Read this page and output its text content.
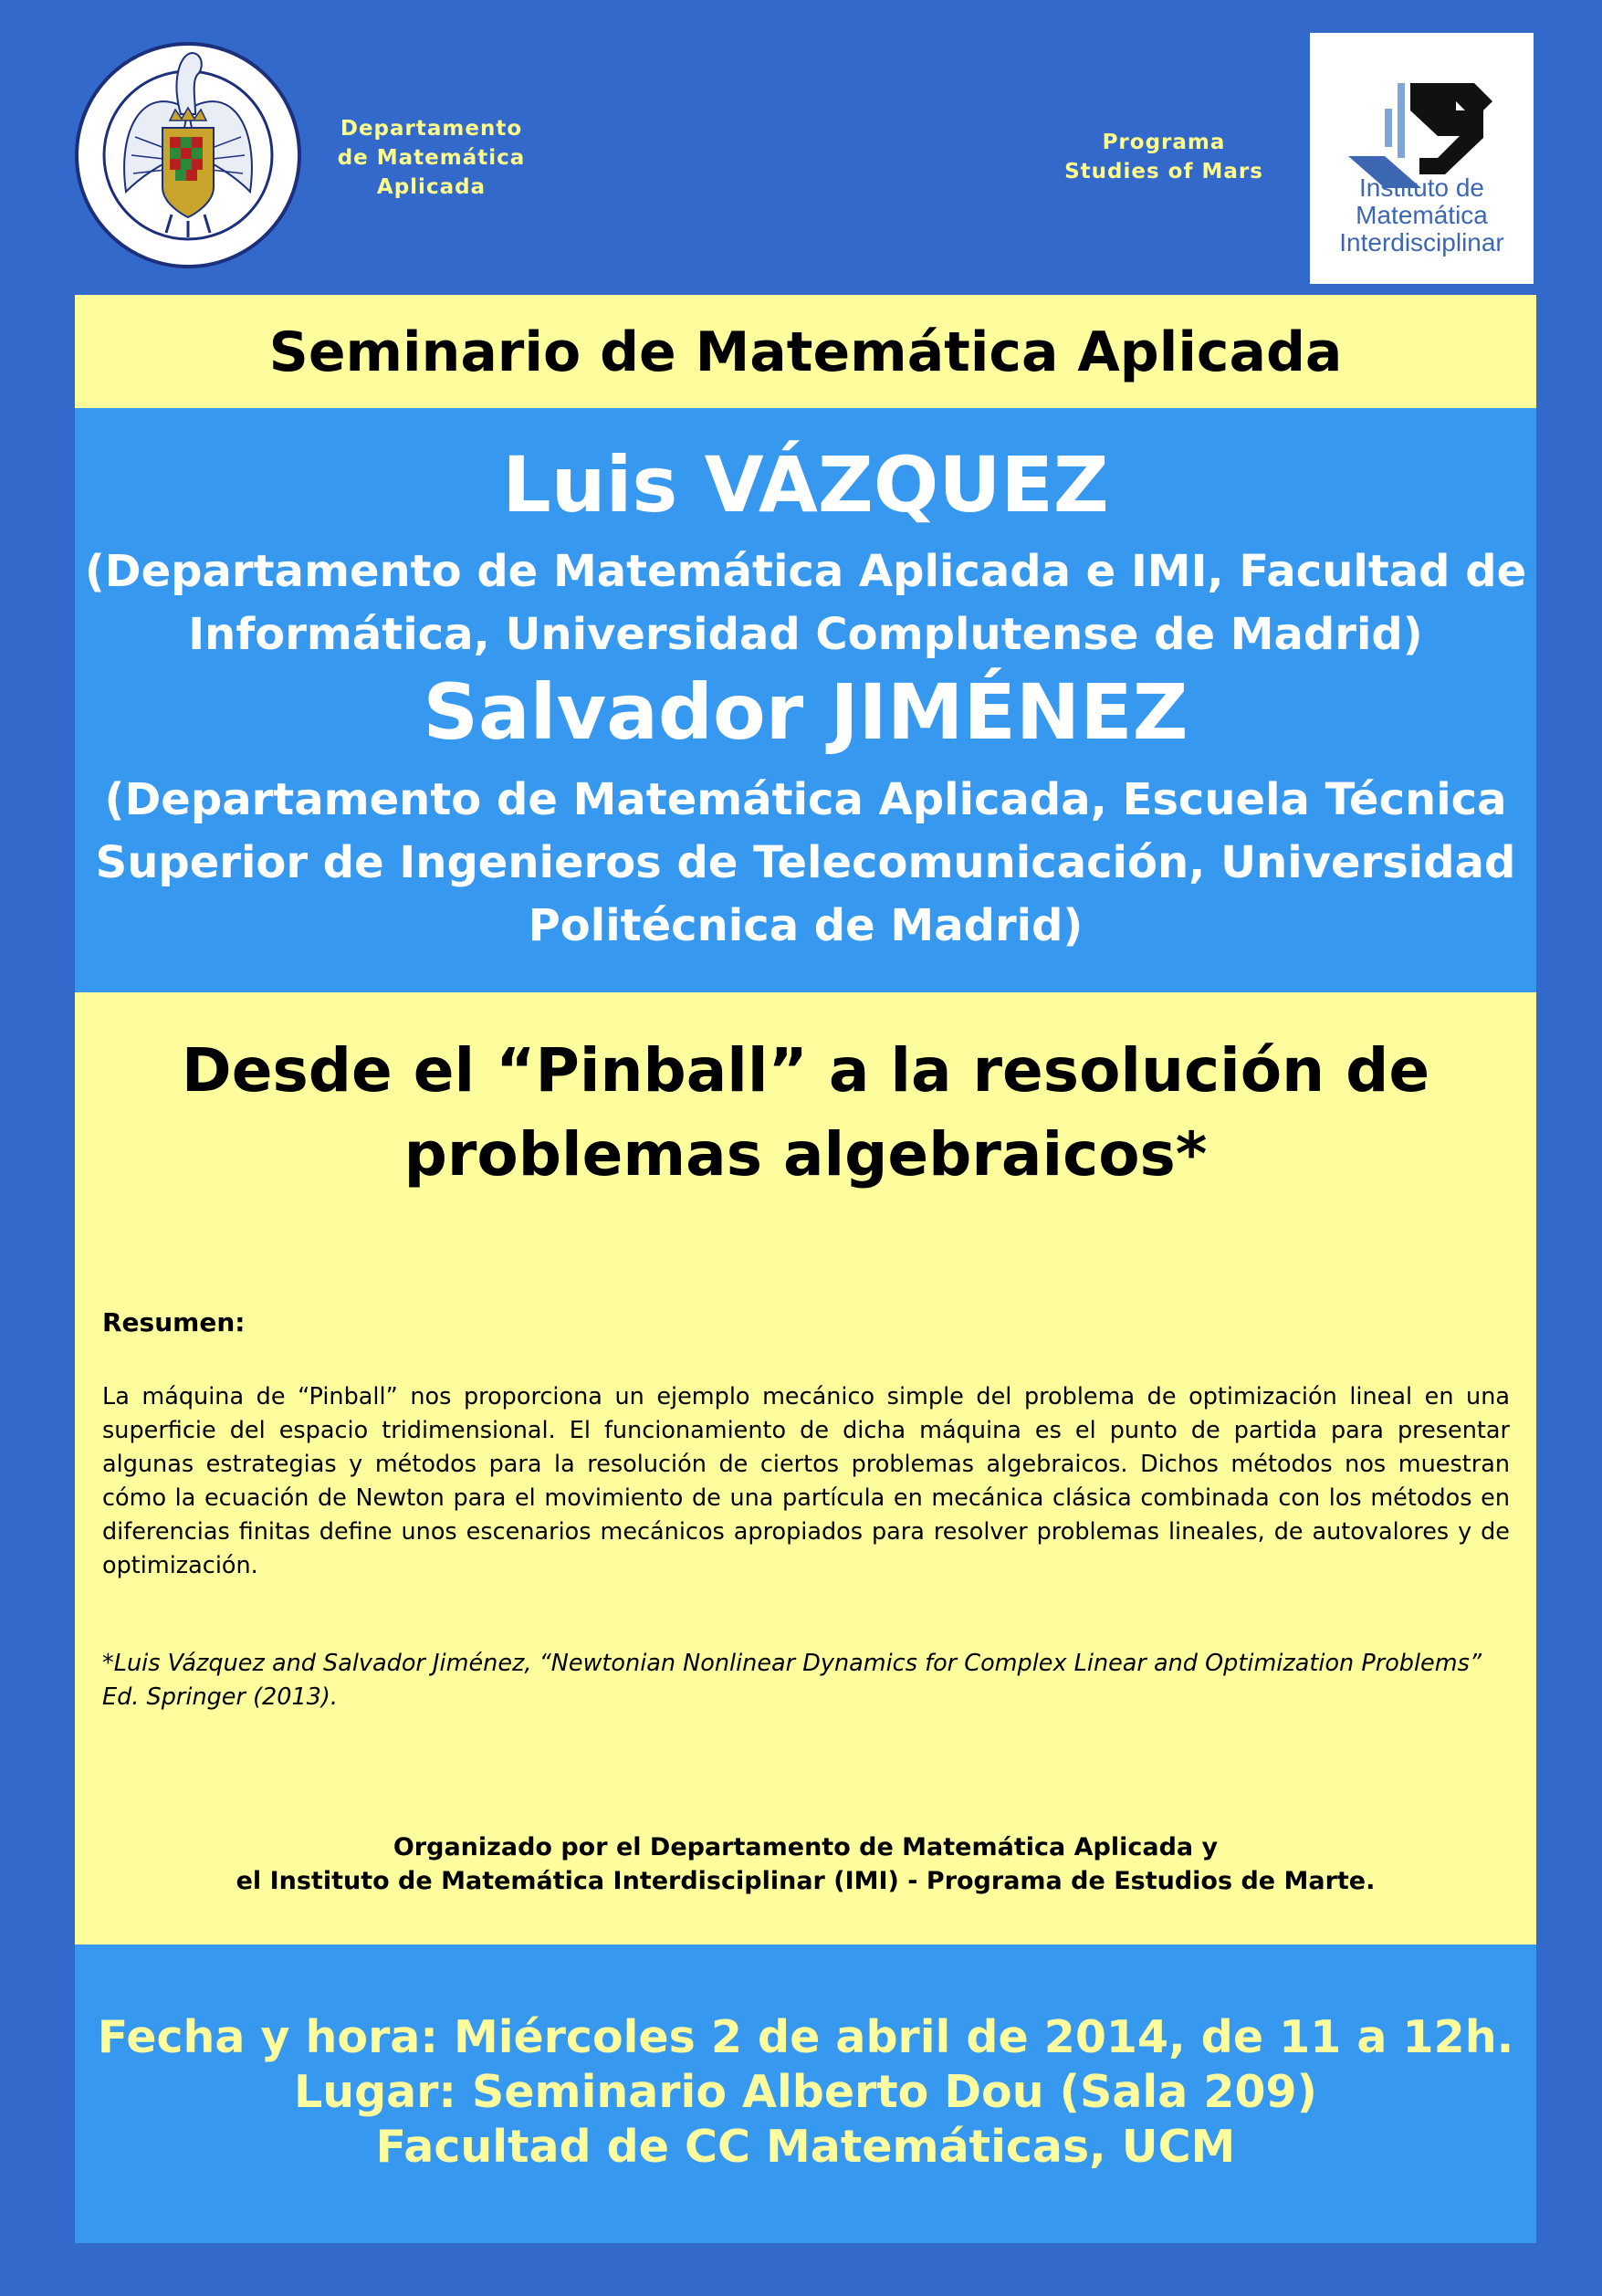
Departamento
de Matemática
Aplicada
Programa
Studies of Mars
Instituto de
Matemática
Interdisciplinar
Seminario de Matemática Aplicada
Luis VÁZQUEZ
(Departamento de Matemática Aplicada e IMI, Facultad de
Informática, Universidad Complutense de Madrid)
Salvador JIMÉNEZ
(Departamento de Matemática Aplicada, Escuela Técnica
Superior de Ingenieros de Telecomunicación, Universidad
Politécnica de Madrid)
Desde el “Pinball” a la resolución de
problemas algebraicos*
Resumen:
La máquina de “Pinball” nos proporciona un ejemplo mecánico simple del problema de optimización lineal en una superficie del espacio tridimensional. El funcionamiento de dicha máquina es el punto de partida para presentar algunas estrategias y métodos para la resolución de ciertos problemas algebraicos. Dichos métodos nos muestran cómo la ecuación de Newton para el movimiento de una partícula en mecánica clásica combinada con los métodos en diferencias finitas define unos escenarios mecánicos apropiados para resolver problemas lineales, de autovalores y de optimización.
*Luis Vázquez and Salvador Jiménez, “Newtonian Nonlinear Dynamics for Complex Linear and Optimization Problems”
Ed. Springer (2013).
Organizado por el Departamento de Matemática Aplicada y
el Instituto de Matemática Interdisciplinar (IMI) - Programa de Estudios de Marte.
Fecha y hora: Miércoles 2 de abril de 2014, de 11 a 12h.
Lugar: Seminario Alberto Dou (Sala 209)
Facultad de CC Matemáticas, UCM
